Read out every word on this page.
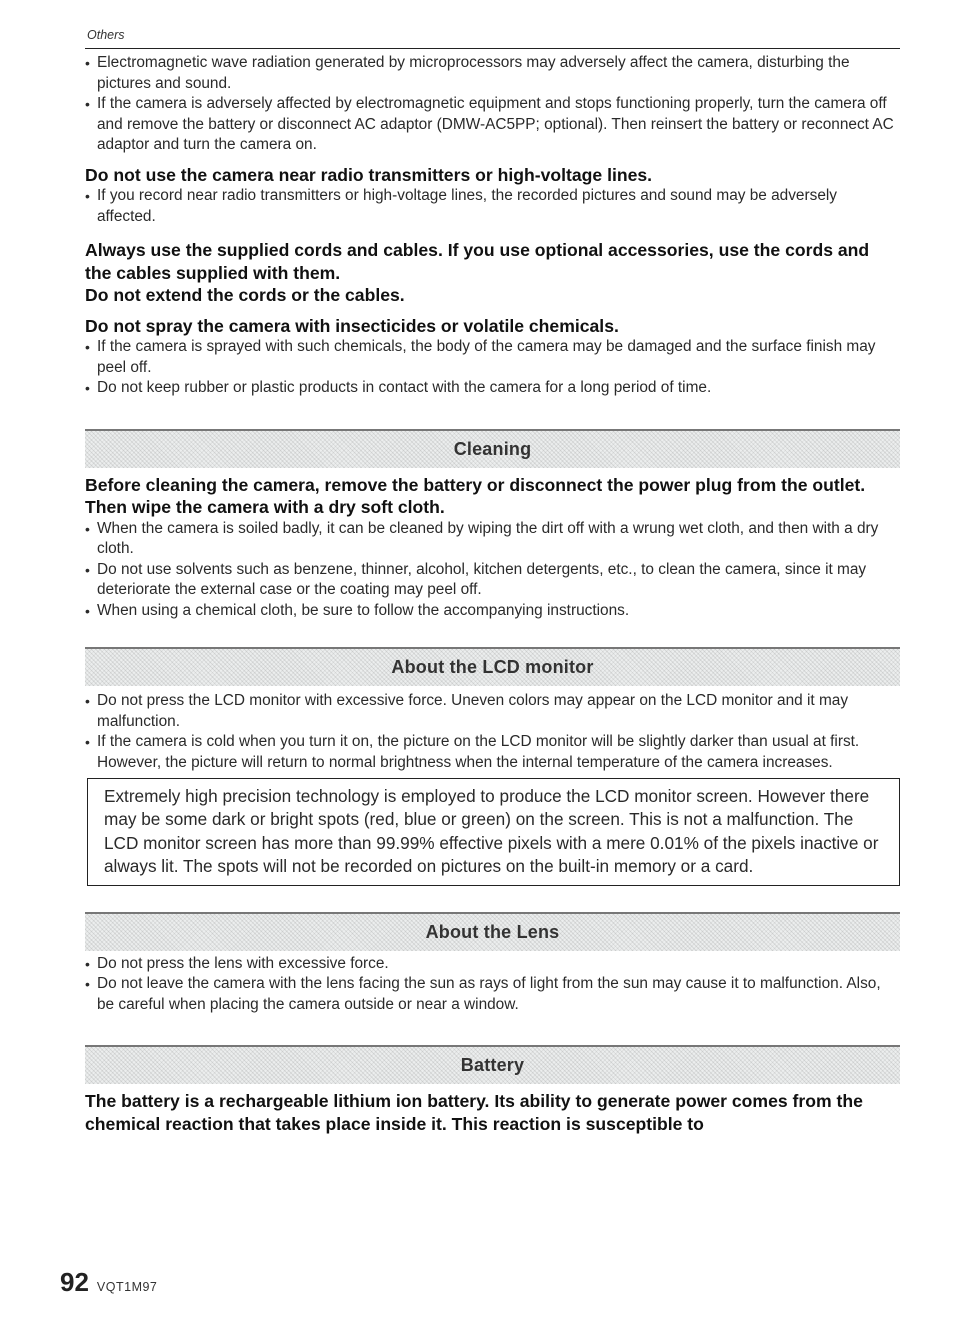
Others
• Electromagnetic wave radiation generated by microprocessors may adversely affect the camera, disturbing the pictures and sound.
• If the camera is adversely affected by electromagnetic equipment and stops functioning properly, turn the camera off and remove the battery or disconnect AC adaptor (DMW-AC5PP; optional). Then reinsert the battery or reconnect AC adaptor and turn the camera on.
Do not use the camera near radio transmitters or high-voltage lines.
• If you record near radio transmitters or high-voltage lines, the recorded pictures and sound may be adversely affected.
Always use the supplied cords and cables. If you use optional accessories, use the cords and the cables supplied with them.
Do not extend the cords or the cables.
Do not spray the camera with insecticides or volatile chemicals.
• If the camera is sprayed with such chemicals, the body of the camera may be damaged and the surface finish may peel off.
• Do not keep rubber or plastic products in contact with the camera for a long period of time.
Cleaning
Before cleaning the camera, remove the battery or disconnect the power plug from the outlet. Then wipe the camera with a dry soft cloth.
• When the camera is soiled badly, it can be cleaned by wiping the dirt off with a wrung wet cloth, and then with a dry cloth.
• Do not use solvents such as benzene, thinner, alcohol, kitchen detergents, etc., to clean the camera, since it may deteriorate the external case or the coating may peel off.
• When using a chemical cloth, be sure to follow the accompanying instructions.
About the LCD monitor
• Do not press the LCD monitor with excessive force. Uneven colors may appear on the LCD monitor and it may malfunction.
• If the camera is cold when you turn it on, the picture on the LCD monitor will be slightly darker than usual at first. However, the picture will return to normal brightness when the internal temperature of the camera increases.
Extremely high precision technology is employed to produce the LCD monitor screen. However there may be some dark or bright spots (red, blue or green) on the screen. This is not a malfunction. The LCD monitor screen has more than 99.99% effective pixels with a mere 0.01% of the pixels inactive or always lit. The spots will not be recorded on pictures on the built-in memory or a card.
About the Lens
• Do not press the lens with excessive force.
• Do not leave the camera with the lens facing the sun as rays of light from the sun may cause it to malfunction. Also, be careful when placing the camera outside or near a window.
Battery
The battery is a rechargeable lithium ion battery. Its ability to generate power comes from the chemical reaction that takes place inside it. This reaction is susceptible to
92 VQT1M97
